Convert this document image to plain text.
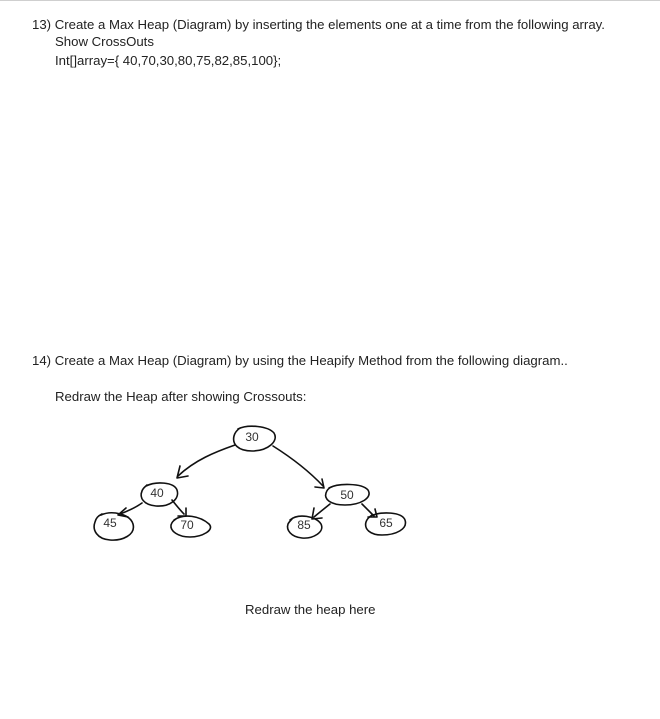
13) Create a Max Heap (Diagram) by inserting the elements one at a time from the following array.
Show CrossOuts
Int[]array={ 40,70,30,80,75,82,85,100};
14) Create a Max Heap (Diagram) by using the Heapify Method from the following diagram..
Redraw the Heap after showing Crossouts:
30
40	50
45	70	85	65
Redraw the heap here
